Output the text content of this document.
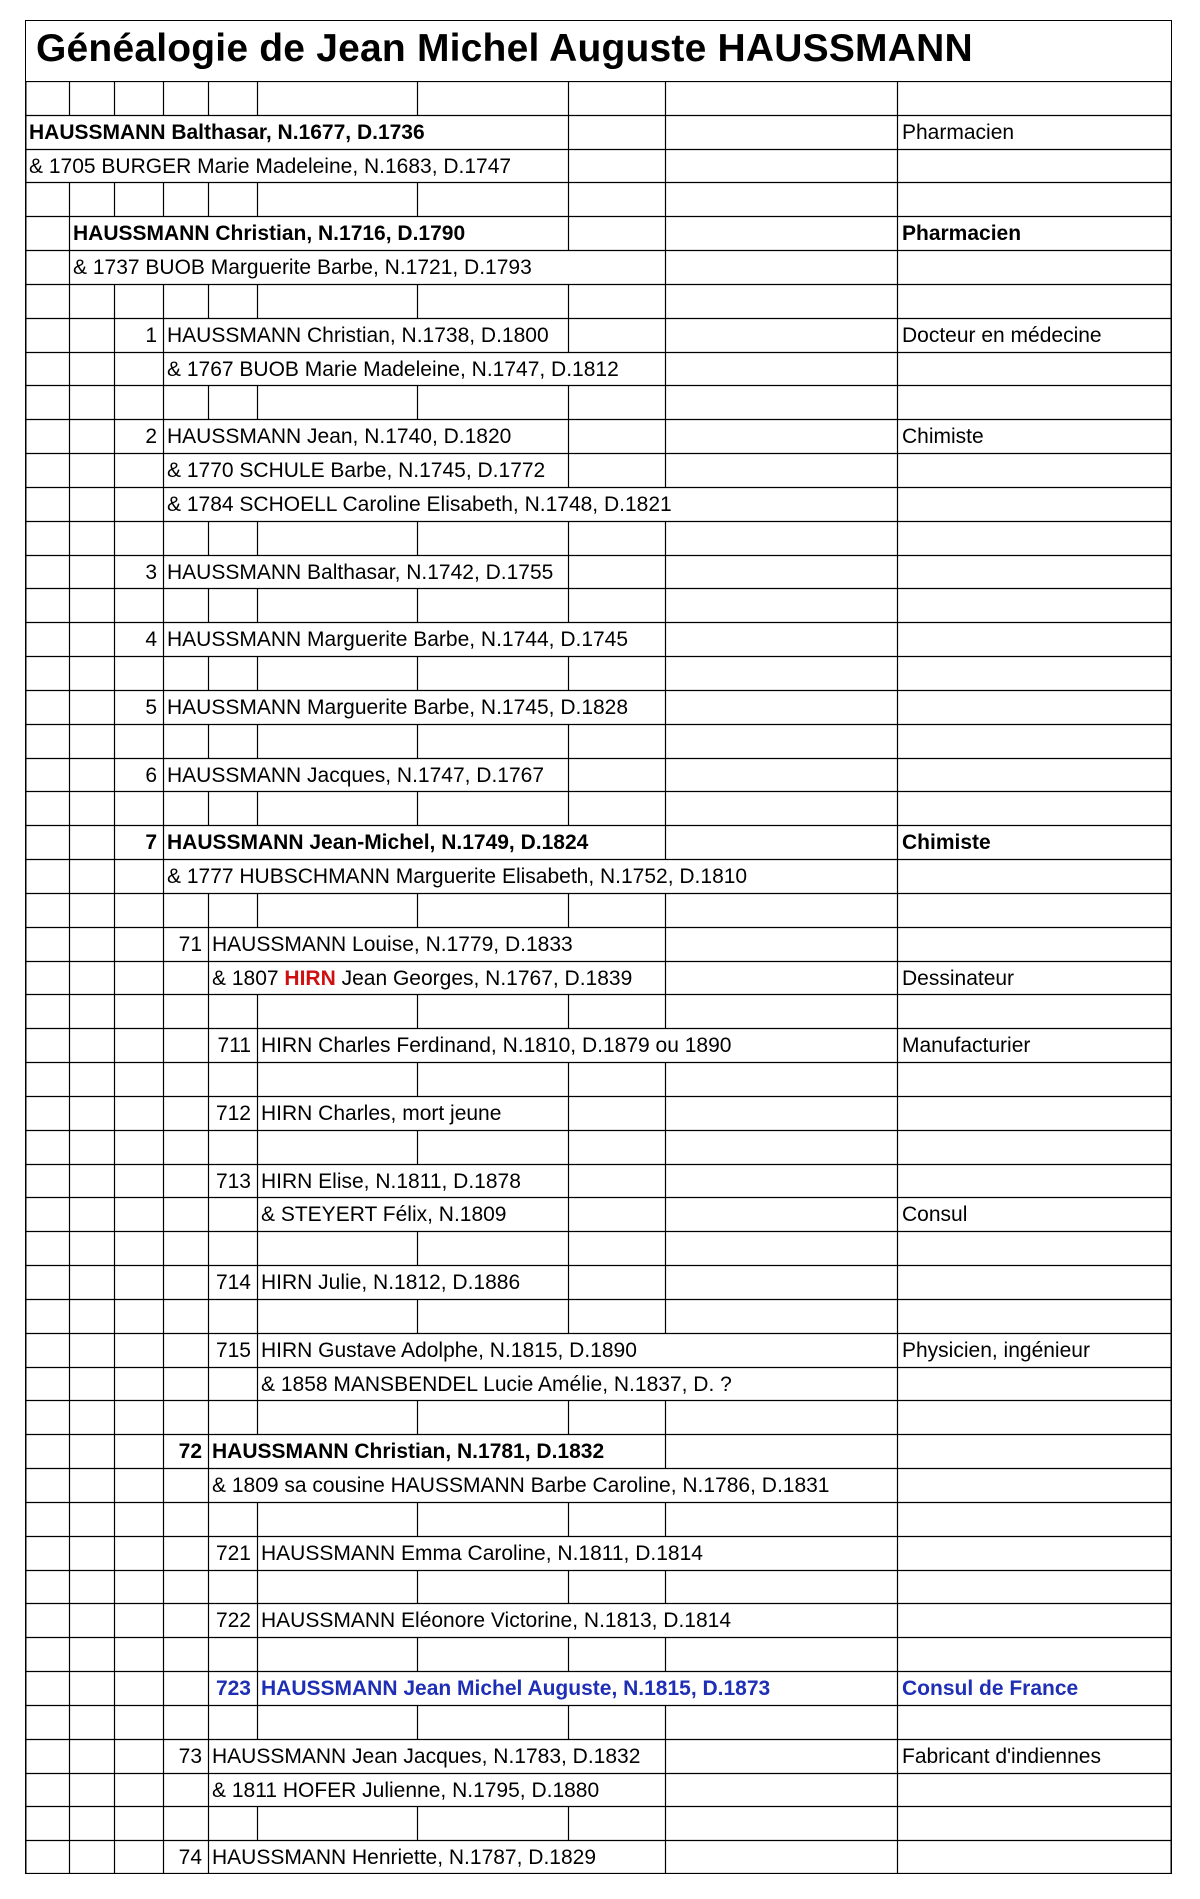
Généalogie de Jean Michel Auguste HAUSSMANN
HAUSSMANN Balthasar, N.1677, D.1736	Pharmacien
& 1705 BURGER Marie Madeleine, N.1683, D.1747
HAUSSMANN Christian, N.1716, D.1790	Pharmacien
& 1737 BUOB Marguerite Barbe, N.1721, D.1793
1 HAUSSMANN Christian, N.1738, D.1800	Docteur en médecine
& 1767 BUOB Marie Madeleine, N.1747, D.1812
2 HAUSSMANN Jean, N.1740, D.1820	Chimiste
& 1770 SCHULE Barbe, N.1745, D.1772
& 1784 SCHOELL Caroline Elisabeth, N.1748, D.1821
3 HAUSSMANN Balthasar, N.1742, D.1755
4 HAUSSMANN Marguerite Barbe, N.1744, D.1745
5 HAUSSMANN Marguerite Barbe, N.1745, D.1828
6 HAUSSMANN Jacques, N.1747, D.1767
7 HAUSSMANN Jean-Michel, N.1749, D.1824	Chimiste
& 1777 HUBSCHMANN Marguerite Elisabeth, N.1752, D.1810
71 HAUSSMANN Louise, N.1779, D.1833
& 1807 HIRN Jean Georges, N.1767, D.1839	Dessinateur
711 HIRN Charles Ferdinand, N.1810, D.1879 ou 1890	Manufacturier
712 HIRN Charles, mort jeune
713 HIRN Elise, N.1811, D.1878
& STEYERT Félix, N.1809	Consul
714 HIRN Julie, N.1812, D.1886
715 HIRN Gustave Adolphe, N.1815, D.1890	Physicien, ingénieur
& 1858 MANSBENDEL Lucie Amélie, N.1837, D. ?
72 HAUSSMANN Christian, N.1781, D.1832
& 1809 sa cousine HAUSSMANN Barbe Caroline, N.1786, D.1831
721 HAUSSMANN Emma Caroline, N.1811, D.1814
722 HAUSSMANN Eléonore Victorine, N.1813, D.1814
723 HAUSSMANN Jean Michel Auguste, N.1815, D.1873	Consul de France
73 HAUSSMANN Jean Jacques, N.1783, D.1832	Fabricant d'indiennes
& 1811 HOFER Julienne, N.1795, D.1880
74 HAUSSMANN Henriette, N.1787, D.1829
